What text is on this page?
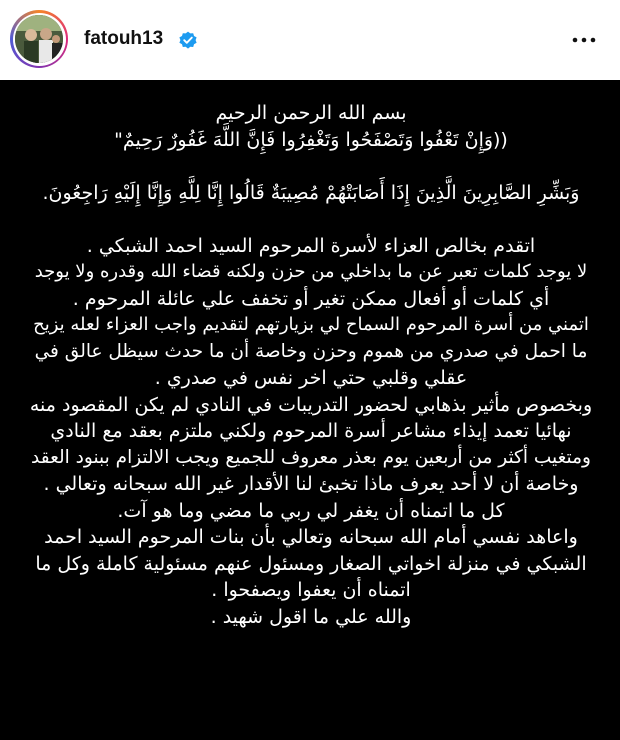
fatouh13
بسم الله الرحمن الرحيم
((وَإِنْ تَعْفُوا وَتَصْفَحُوا وَتَغْفِرُوا فَإِنَّ اللَّهَ غَفُورٌ رَحِيمٌ"
وَبَشِّرِ الصَّابِرِينَ الَّذِينَ إِذَا أَصَابَتْهُمْ مُصِيبَةٌ قَالُوا إِنَّا لِلَّهِ وَإِنَّا إِلَيْهِ رَاجِعُونَ.
اتقدم بخالص العزاء لأسرة المرحوم السيد احمد الشبكي .
لا يوجد كلمات تعبر عن ما بداخلي من حزن ولكنه قضاء الله وقدره ولا يوجد
أي كلمات أو أفعال ممكن تغير أو تخفف علي عائلة المرحوم .
اتمني من أسرة المرحوم السماح لي بزيارتهم لتقديم واجب العزاء لعله يزيح
ما احمل في صدري من هموم وحزن وخاصة أن ما حدث سيظل عالق في
عقلي وقلبي حتي اخر نفس في صدري .
وبخصوص مأثير بذهابي لحضور التدريبات في النادي لم يكن المقصود منه
نهائيا تعمد إيذاء مشاعر أسرة المرحوم ولكني ملتزم بعقد مع النادي
ومتغيب أكثر من أربعين يوم بعذر معروف للجميع ويجب الالتزام ببنود العقد
وخاصة أن لا أحد يعرف ماذا تخبئ لنا الأقدار غير الله سبحانه وتعالي .
كل ما اتمناه أن يغفر لي ربي ما مضي وما هو آت.
واعاهد نفسي أمام الله سبحانه وتعالي بأن بنات المرحوم السيد احمد
الشبكي في منزلة اخواتي الصغار ومسئول عنهم مسئولية كاملة وكل ما
اتمناه أن يعفوا ويصفحوا .
والله علي ما اقول شهيد .
